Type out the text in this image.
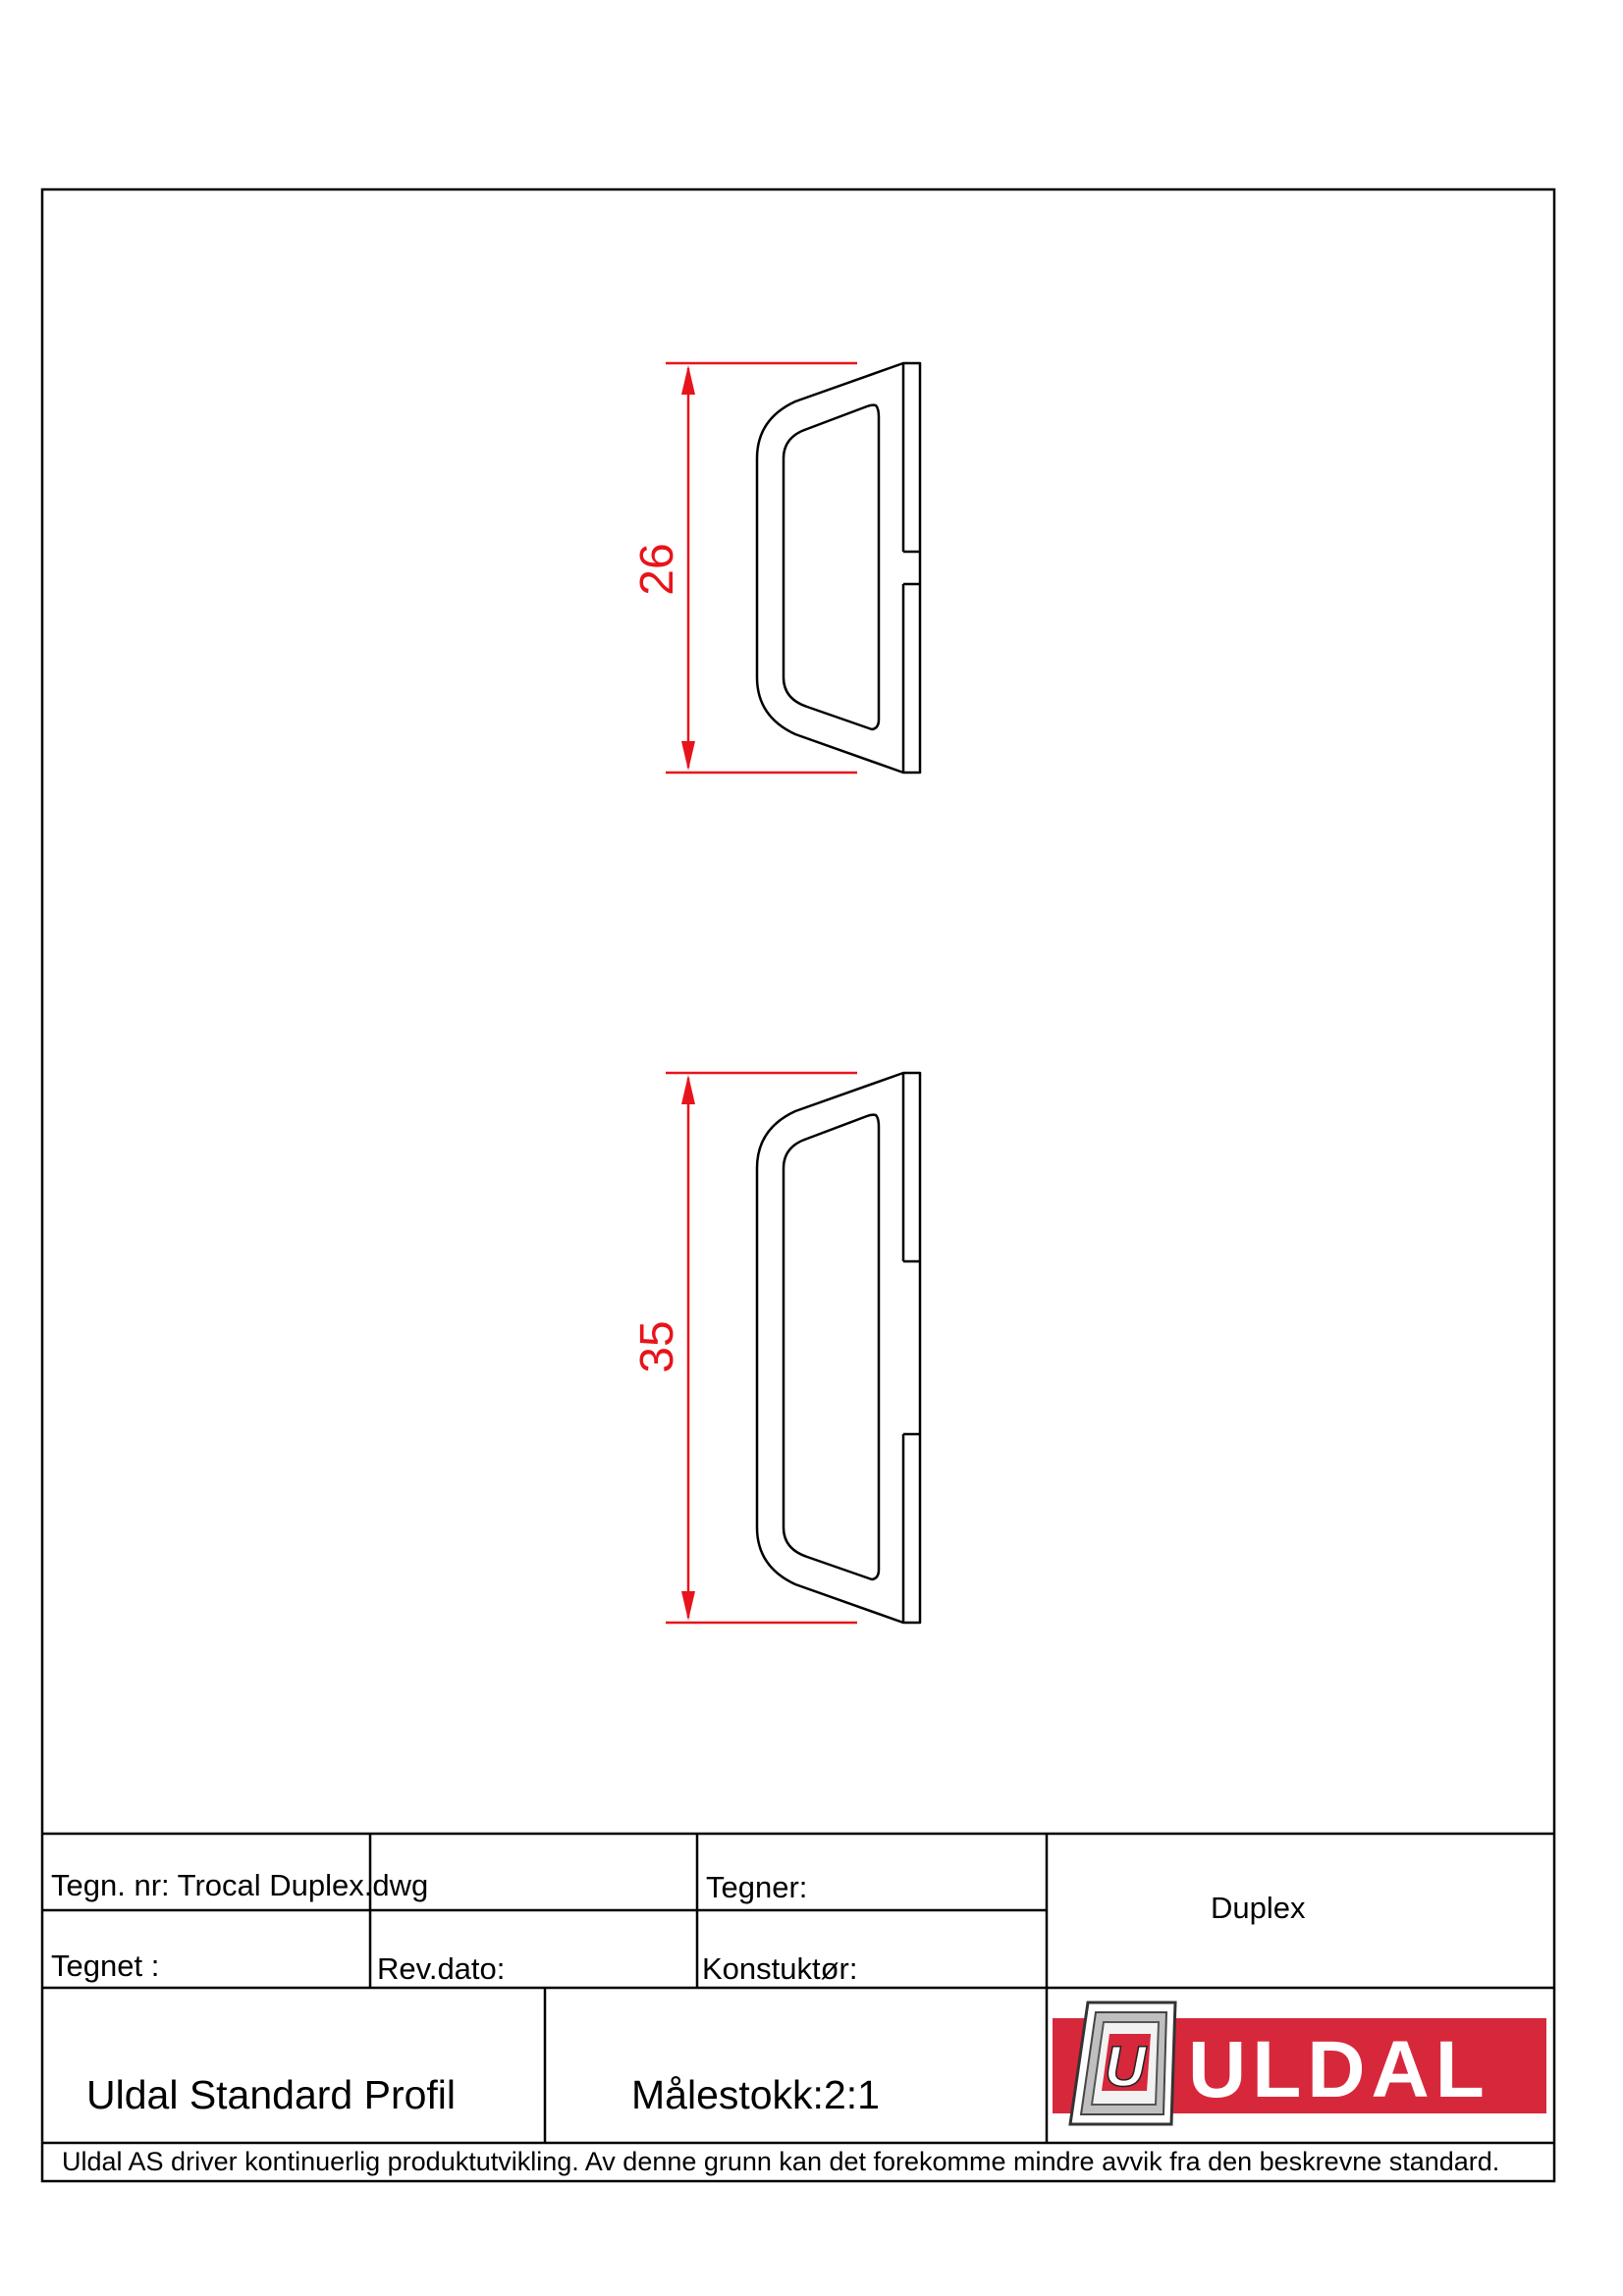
26
35
U ULDAL
Tegn. nr: Trocal Duplex.dwg
Tegnet :	Rev.dato:
Tegner:
Konstuktør:
Duplex
Uldal Standard Profil	Målestokk:2:1
Uldal AS driver kontinuerlig produktutvikling. Av denne grunn kan det forekomme mindre avvik fra den beskrevne standard.
